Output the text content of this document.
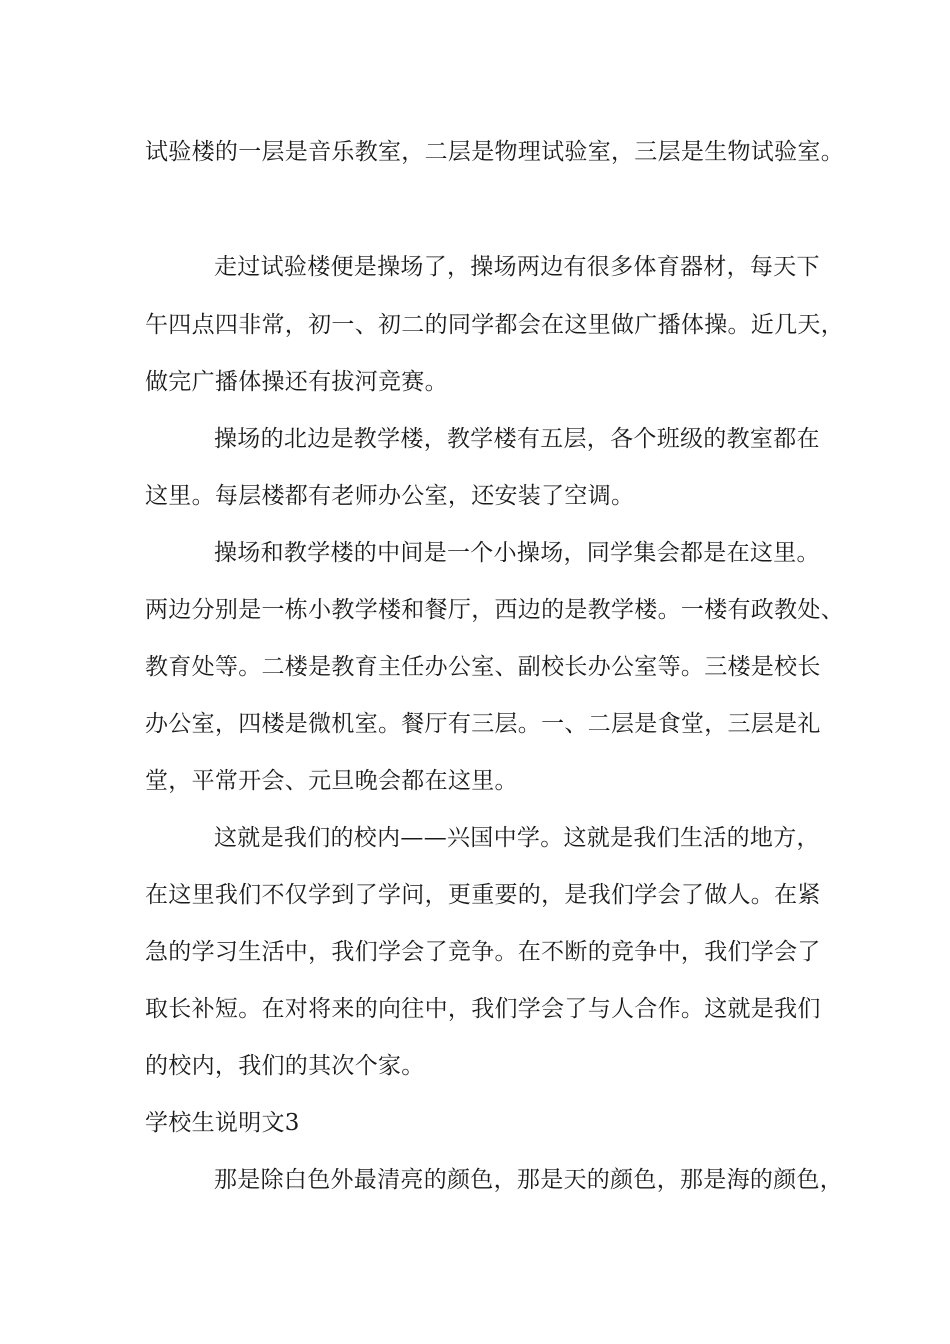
试验楼的一层是音乐教室，二层是物理试验室，三层是生物试验室。
走过试验楼便是操场了，操场两边有很多体育器材，每天下
午四点四非常，初一、初二的同学都会在这里做广播体操。近几天，
做完广播体操还有拔河竞赛。
操场的北边是教学楼，教学楼有五层，各个班级的教室都在
这里。每层楼都有老师办公室，还安装了空调。
操场和教学楼的中间是一个小操场，同学集会都是在这里。
两边分别是一栋小教学楼和餐厅，西边的是教学楼。一楼有政教处、
教育处等。二楼是教育主任办公室、副校长办公室等。三楼是校长
办公室，四楼是微机室。餐厅有三层。一、二层是食堂，三层是礼
堂，平常开会、元旦晚会都在这里。
这就是我们的校内——兴国中学。这就是我们生活的地方，
在这里我们不仅学到了学问，更重要的，是我们学会了做人。在紧
急的学习生活中，我们学会了竞争。在不断的竞争中，我们学会了
取长补短。在对将来的向往中，我们学会了与人合作。这就是我们
的校内，我们的其次个家。
学校生说明文3
那是除白色外最清亮的颜色，那是天的颜色，那是海的颜色，
